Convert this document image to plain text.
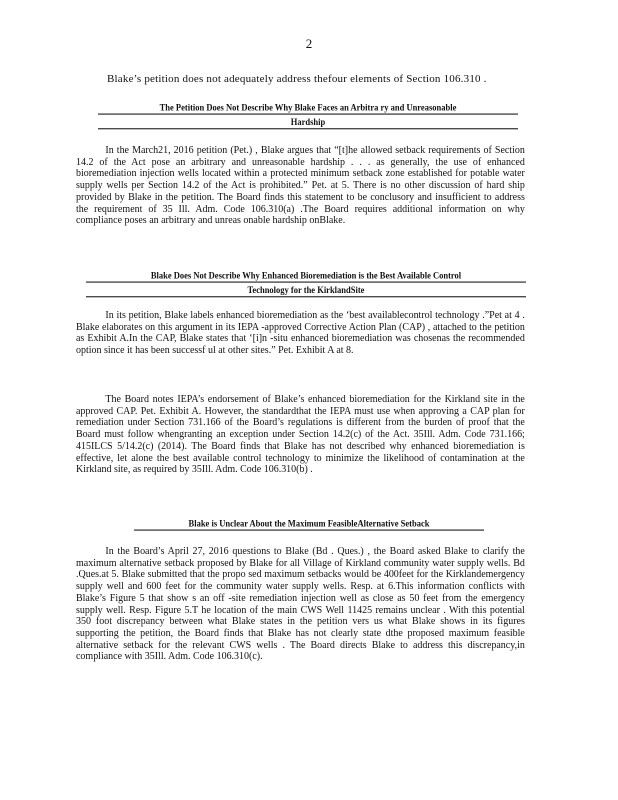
2
Blake’s petition does not adequately address thefour elements of Section 106.310 .
The Petition Does Not Describe Why Blake Faces an Arbitra ry and Unreasonable
Hardship

In the March21, 2016 petition (Pet.) , Blake argues that “[t]he allowed setback requirements of Section 14.2 of the Act pose an arbitrary and unreasonable hardship . . . as generally, the use of enhanced bioremediation injection wells located within a protected minimum setback zone established for potable water supply wells per Section 14.2 of the Act is prohibited.” Pet. at 5. There is no other discussion of hard ship provided by Blake in the petition. The Board finds this statement to be conclusory and insufficient to address the requirement of 35 Ill. Adm. Code 106.310(a) .The Board requires additional information on why compliance poses an arbitrary and unreas onable hardship onBlake.

Blake Does Not Describe Why Enhanced Bioremediation is the Best Available Control
Technology for the KirklandSite

In its petition, Blake labels enhanced bioremediation as the ‘best availablecontrol technology .”Pet at 4 . Blake elaborates on this argument in its IEPA -approved Corrective Action Plan (CAP) , attached to the petition as Exhibit A.In the CAP, Blake states that ‘[i]n -situ enhanced bioremediation was chosenas the recommended option since it has been successf ul at other sites.” Pet. Exhibit A at 8.

The Board notes IEPA’s endorsement of Blake’s enhanced bioremediation for the Kirkland site in the approved CAP. Pet. Exhibit A. However, the standardthat the IEPA must use when approving a CAP plan for remediation under Section 731.166 of the Board’s regulations is different from the burden of proof that the Board must follow whengranting an exception under Section 14.2(c) of the Act. 35Ill. Adm. Code 731.166; 415ILCS 5/14.2(c) (2014). The Board finds that Blake has not described why enhanced bioremediation is effective, let alone the best available control technology to minimize the likelihood of contamination at the Kirkland site, as required by 35Ill. Adm. Code 106.310(b) .

Blake is Unclear About the Maximum FeasibleAlternative Setback

In the Board’s April 27, 2016 questions to Blake (Bd . Ques.) , the Board asked Blake to clarify the maximum alternative setback proposed by Blake for all Village of Kirkland community water supply wells. Bd .Ques.at 5. Blake submitted that the propo sed maximum setbacks would be 400feet for the Kirklandemergency supply well and 600 feet for the community water supply wells. Resp. at 6.This information conflicts with Blake’s Figure 5 that show s an off -site remediation injection well as close as 50 feet from the emergency supply well. Resp. Figure 5.T he location of the main CWS Well 11425 remains unclear . With this potential 350 foot discrepancy between what Blake states in the petition vers us what Blake shows in its figures supporting the petition, the Board finds that Blake has not clearly state dthe proposed maximum feasible alternative setback for the relevant CWS wells . The Board directs Blake to address this discrepancy,in compliance with 35Ill. Adm. Code 106.310(c).
